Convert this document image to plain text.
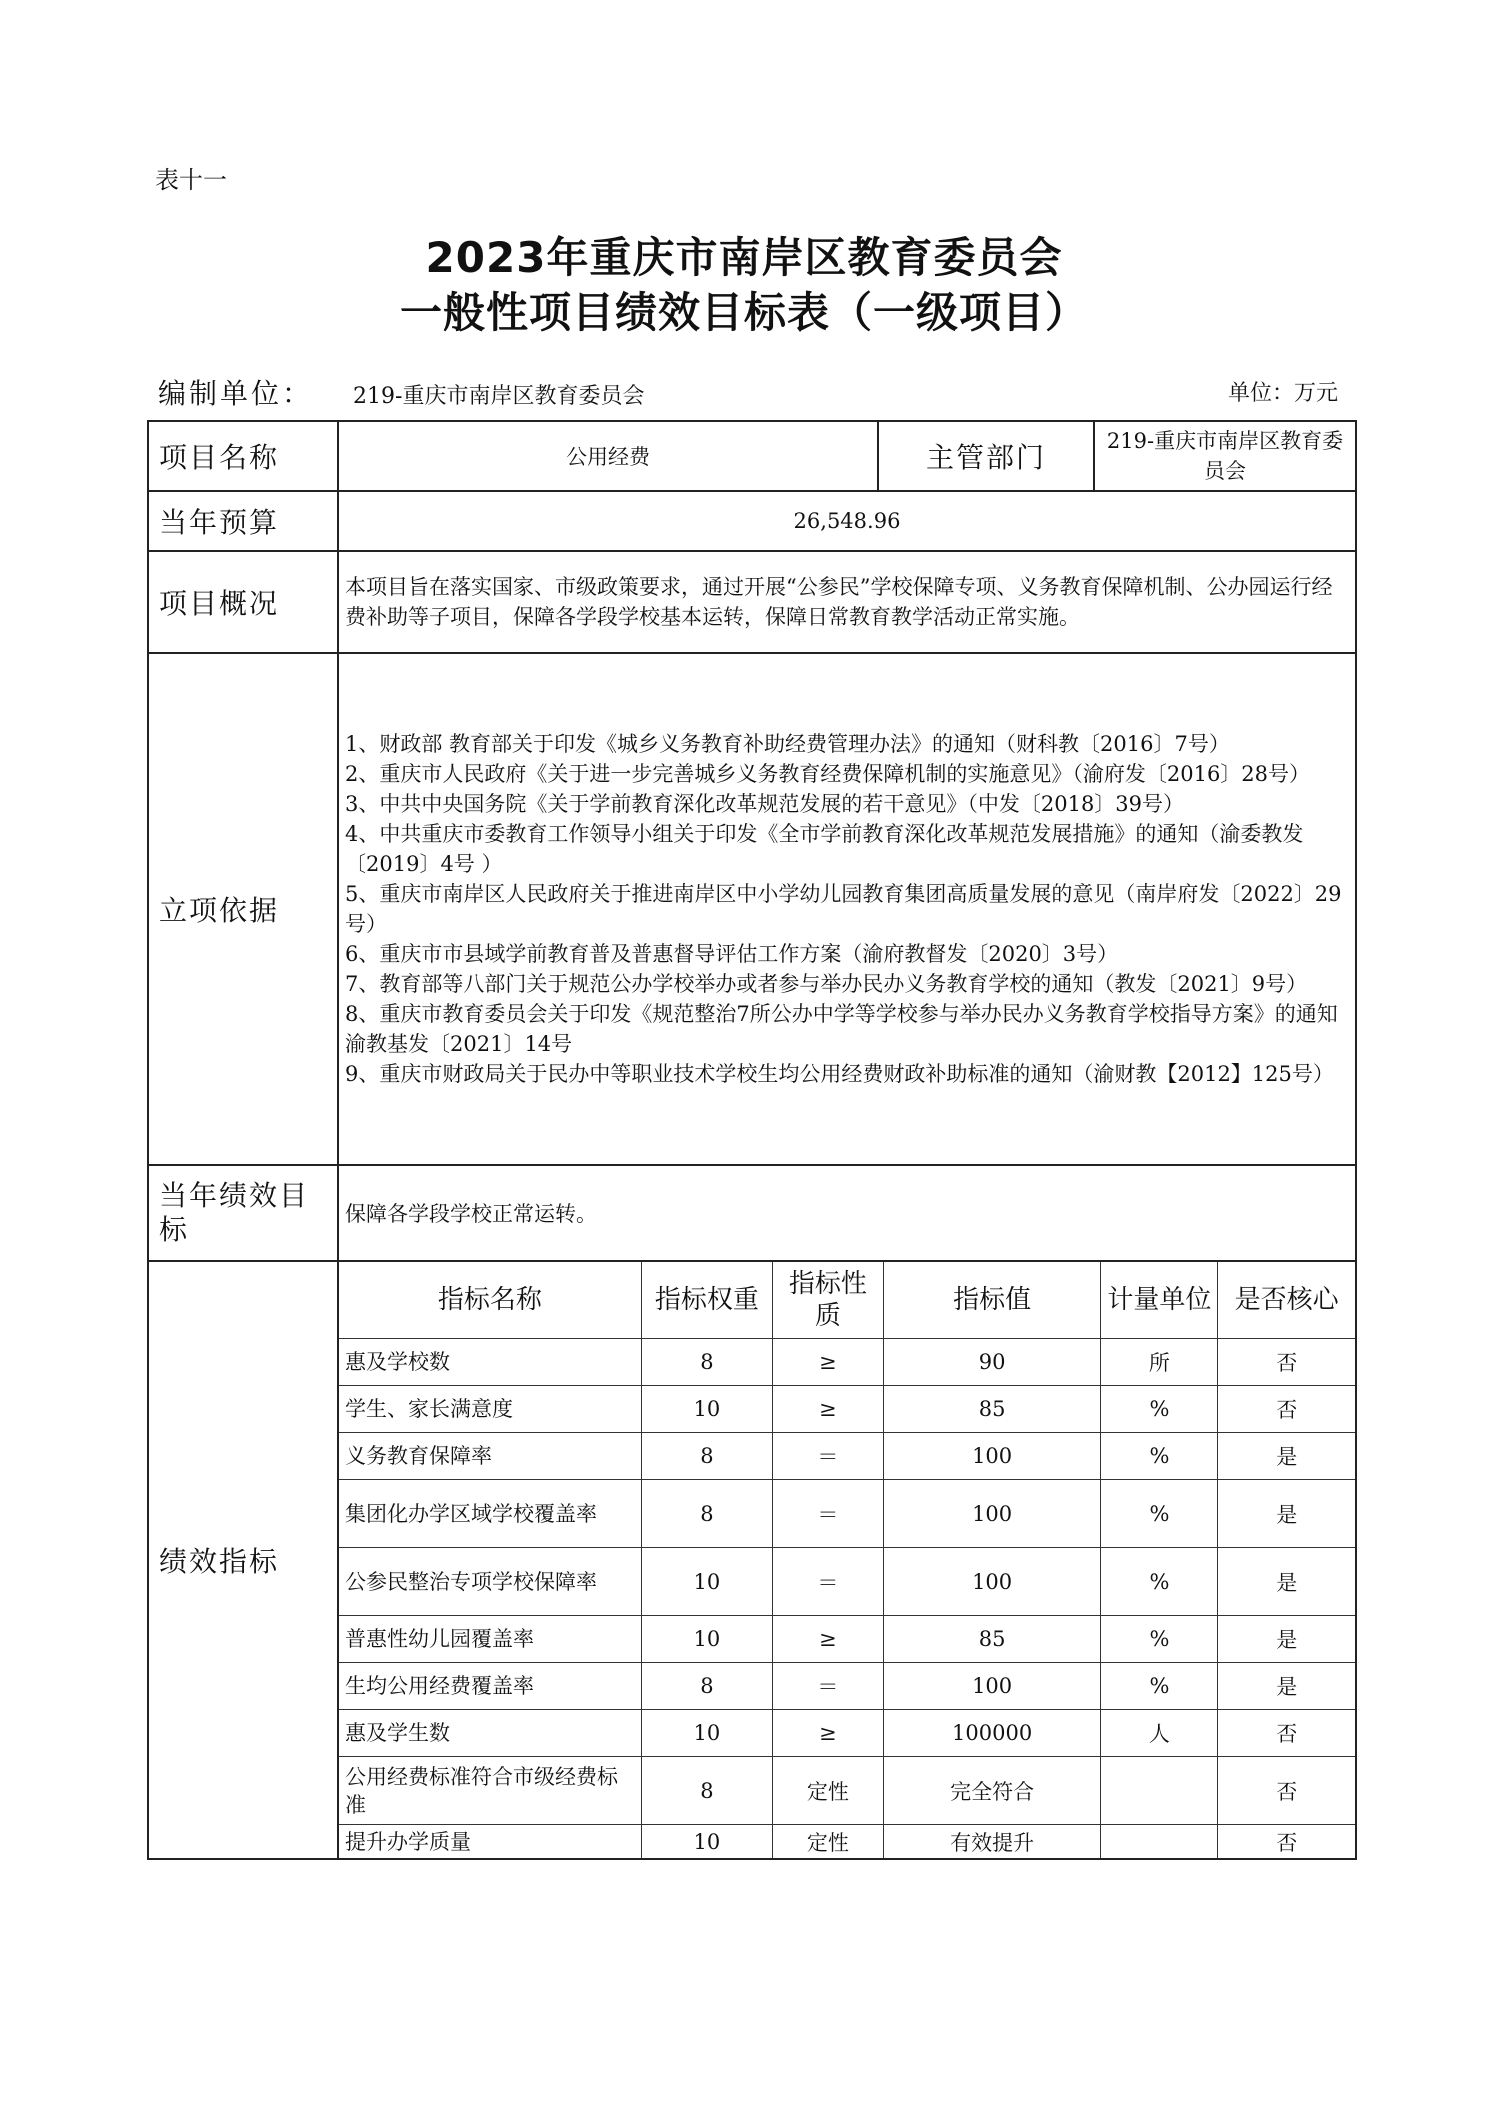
表十一
2023年重庆市南岸区教育委员会
一般性项目绩效目标表（一级项目）
编制单位： 219-重庆市南岸区教育委员会	单位：万元
项目名称	公用经费	主管部门	219-重庆市南岸区教育委员会
当年预算	26,548.96
项目概况	本项目旨在落实国家、市级政策要求，通过开展“公参民”学校保障专项、义务教育保障机制、公办园运行经费补助等子项目，保障各学段学校基本运转，保障日常教育教学活动正常实施。
立项依据	
1、财政部 教育部关于印发《城乡义务教育补助经费管理办法》的通知（财科教〔2016〕7号）
2、重庆市人民政府《关于进一步完善城乡义务教育经费保障机制的实施意见》（渝府发〔2016〕28号）
3、中共中央国务院《关于学前教育深化改革规范发展的若干意见》（中发〔2018〕39号）
4、中共重庆市委教育工作领导小组关于印发《全市学前教育深化改革规范发展措施》的通知（渝委教发〔2019〕4号 ）
5、重庆市南岸区人民政府关于推进南岸区中小学幼儿园教育集团高质量发展的意见（南岸府发〔2022〕29号）
6、重庆市市县域学前教育普及普惠督导评估工作方案（渝府教督发〔2020〕3号）
7、教育部等八部门关于规范公办学校举办或者参与举办民办义务教育学校的通知（教发〔2021〕9号）
8、重庆市教育委员会关于印发《规范整治7所公办中学等学校参与举办民办义务教育学校指导方案》的通知渝教基发〔2021〕14号
9、重庆市财政局关于民办中等职业技术学校生均公用经费财政补助标准的通知（渝财教【2012】125号）

当年绩效目标	保障各学段学校正常运转。
绩效指标	
指标名称	指标权重	指标性质	指标值	计量单位	是否核心
惠及学校数	8	≥	90	所	否
学生、家长满意度	10	≥	85	%	否
义务教育保障率	8	＝	100	%	是
集团化办学区域学校覆盖率	8	＝	100	%	是
公参民整治专项学校保障率	10	＝	100	%	是
普惠性幼儿园覆盖率	10	≥	85	%	是
生均公用经费覆盖率	8	＝	100	%	是
惠及学生数	10	≥	100000	人	否
公用经费标准符合市级经费标准	8	定性	完全符合		否
提升办学质量	10	定性	有效提升		否
